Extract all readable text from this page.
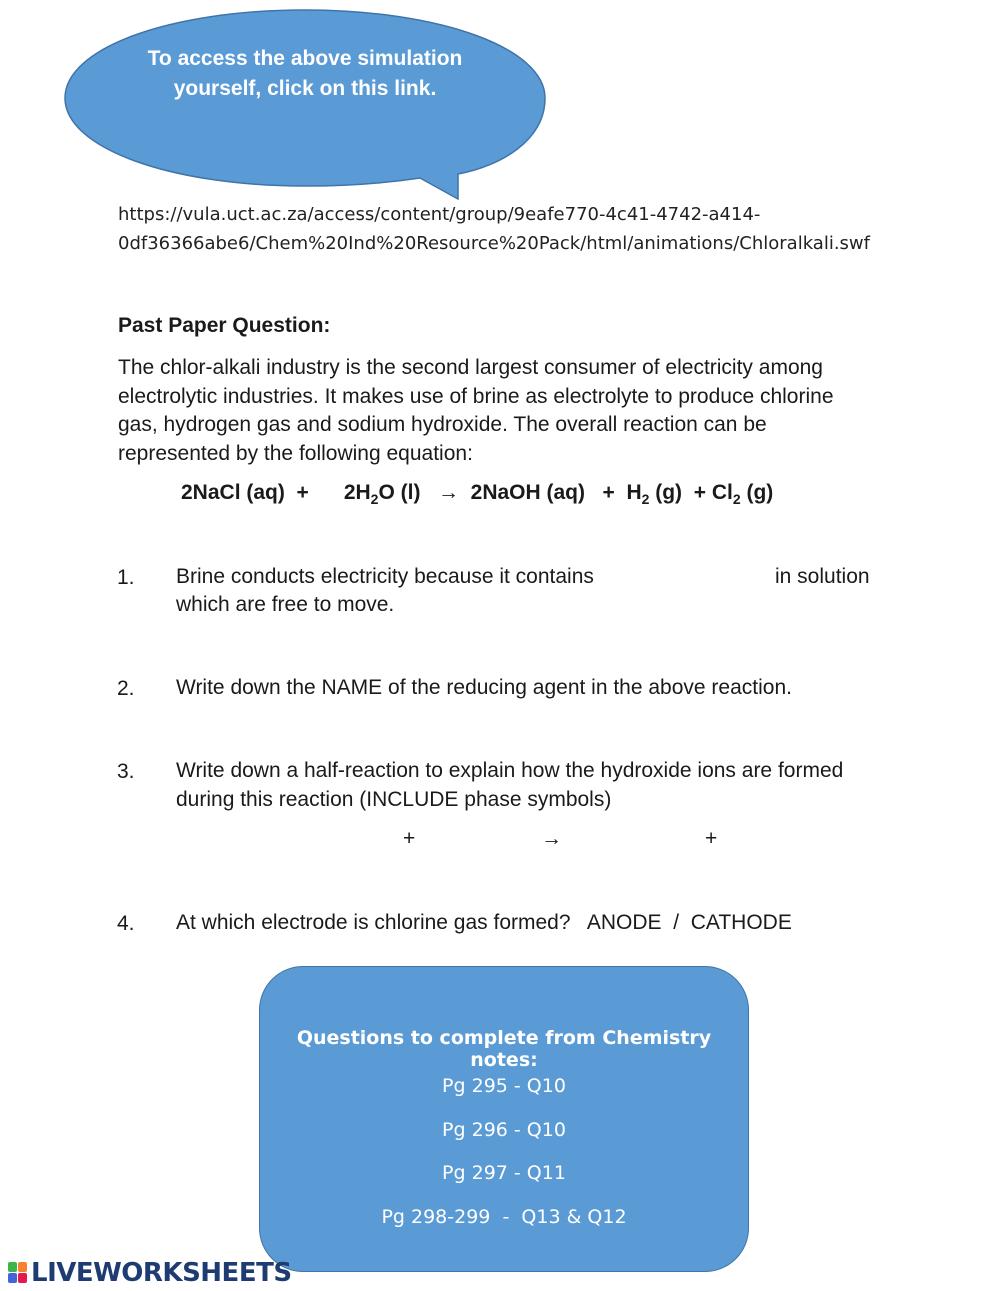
To access the above simulation yourself, click on this link.
https://vula.uct.ac.za/access/content/group/9eafe770-4c41-4742-a414-0df36366abe6/Chem%20Ind%20Resource%20Pack/html/animations/Chloralkali.swf
Past Paper Question:
The chlor-alkali industry is the second largest consumer of electricity among electrolytic industries. It makes use of brine as electrolyte to produce chlorine gas, hydrogen gas and sodium hydroxide. The overall reaction can be represented by the following equation:
2NaCl $(aq) + 2H_2O$ (l) → 2NaOH $(aq) + H_2$ $(g) + Cl_2$ (g)
1. Brine conducts electricity because it contains	in solution
which are free to move.
2. Write down the NAME of the reducing agent in the above reaction.
3. Write down a half-reaction to explain how the hydroxide ions are formed during this reaction (INCLUDE phase symbols)
+	→	+
4. At which electrode is chlorine gas formed?   ANODE  /  CATHODE
Questions to complete from Chemistry notes:
Pg 295 - Q10
Pg 296 - Q10
Pg 297 - Q11
Pg 298-299  -  Q13 & Q12
LIVEWORKSHEETS
